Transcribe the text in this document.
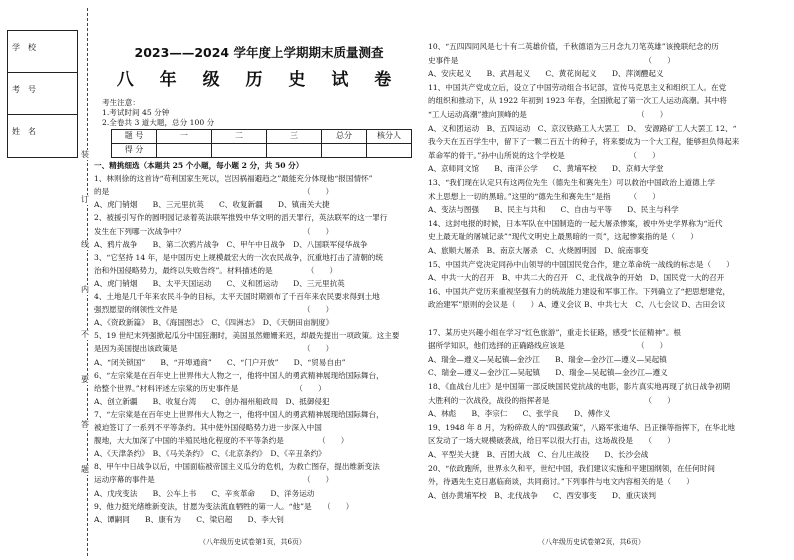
学　校
考　号
姓　名
装
订
线
内
不
要
答
题
2023——2024 学年度上学期期末质量测查
八 年 级 历 史 试 卷
考生注意：
1.考试时间 45 分钟
2.全卷共 3 道大题，总分 100 分
题 号	一	二	三	总分	核分人
得 分					
一、精挑细选（本题共 25 个小题，每小题 2 分，共 50 分）
1、林则徐的这首诗“苟利国家生死以，岂因祸福避趋之”最能充分体现他“报国情怀”
的是　　　　　　　　　　　　　　　　　　　　　　　　　　（　　）
A、虎门销烟　　B、三元里抗英　　C、收复新疆　　D、镇南关大捷
2、被援引写作的圆明园记录着英法联军推毁中华文明的滔天罪行，英法联军的这一罪行
发生在下列哪一次战争中？　　　　　　　　　　　　　　　　（　　）
A、鸦片战争　　B、第二次鸦片战争　C、甲午中日战争　D、八国联军侵华战争
3、“它坚持 14 年，是中国历史上规模最宏大的一次农民战争，沉重地打击了清朝的统
治和外国侵略势力，最终以失败告终”。材料描述的是　　　　　（　　）
A、虎门销烟　　B、太平天国运动　　C、义和团运动　　D、三元里抗英
4、土地是几千年来农民斗争的目标，太平天国时期颁布了千百年来农民要求得到土地
强烈愿望的纲领性文件是　　　　　　　　　　　　　　　　　（　　）
A、《资政新篇》　B、《海国图志》　C、《四洲志》　D、《天朝田亩制度》
5、19 世纪末列强掀起瓜分中国狂潮时，美国虽然姗姗来迟，却最先提出一项政策。这主要
是因为美国提出该政策是　　　　　　　　　　　　　　　　　（　　）
A、“闭关锁国”　　B、“开埠通商”　　C、“门户开放”　　D、“贸易自由”
6、“左宗棠是在百年史上世界伟大人物之一，他将中国人的勇武精神展现给国际舞台，
给整个世界。”材料评述左宗棠的历史事件是　　　　　　　　（　　）
A、创立新疆　　B、收复台湾　　C、创办福州船政局　D、抵御侵犯
7、“左宗棠是在百年史上世界伟大人物之一，他将中国人的勇武精神展现给国际舞台，
被迫签订了一系列不平等条约。其中使外国侵略势力进一步深入中国
腹地，大大加深了中国的半殖民地化程度的不平等条约是　　　　　（　　）
A、《天津条约》　B、《马关条约》　C、《北京条约》　D、《辛丑条约》
8、甲午中日战争以后，中国面临被帝国主义瓜分的危机，为救亡图存，提出维新变法
运动序幕的事件是　　　　　　　　　　　　　　　　　　　　（　　）
A、戊戌变法　　B、公车上书　　C、辛亥革命　　D、洋务运动
9、他力挺光绪维新变法，甘愿为变法流血牺牲的第一人。“他”是　　（　　）
A、谭嗣同　　B、康有为　　C、梁启超　　D、李大钊
（八年级历史试卷第1页，共6页）
10、“五四四同风是七十有二英雄价值，千秋德语为三月念九刀笔英雄”该挽联纪念的历
史事件是　　　　　　　　　　　　　　　　　　　　　　　　　（　　）
A、安庆起义　　B、武昌起义　　C、黄花岗起义　　D、萍浏醴起义
11、中国共产党成立后，设立了中国劳动组合书记部，宣传马克思主义和组织工人。在党
的组织和推动下，从 1922 年初到 1923 年春，全国掀起了第一次工人运动高潮。其中将
“工人运动高潮”推向顶峰的是　　　　　　　　　　　　　　　（　　）
A、义和团运动　B、五四运动　C、京汉铁路工人大罢工　D、　安源路矿工人大罢工 12、“
我今天在五百学生中，留下了一颗二百五十的种子，将来要成为一个大工程，能够担负得起来
革命军的骨干。”孙中山所说的这个学校是　　　　　　　　　（　　）
A、京师同文馆　　B、南洋公学　　C、黄埔军校　　D、京师大学堂
13、“我们现在认定只有这两位先生（德先生和赛先生）可以救治中国政治上道德上学
术上思想上一切的黑暗。”这里的“德先生和赛先生”是指　　　（　　）
A、变法与图强　　B、民主与共和　　C、自由与平等　　D、民主与科学
14、这封电报的时候，日本军队在中国制造的一起大屠杀惨案，被中外史学界称为“近代
史上最无耻的屠城记录”“现代文明史上最黑暗的一页”，这起惨案指的是（　　）
A、旅顺大屠杀　B、南京大屠杀　C、火烧圆明园　D、皖南事变
15、中国共产党决定同孙中山领导的中国国民党合作，建立革命统一战线的标志是（　　）
A、中共一大的召开　B、中共二大的召开　C、北伐战争的开始　D、国民党一大的召开
16、中国共产党历来重视坚强有力的统战能力建设和军事工作。下列确立了“把思想建党，
政治建军”原则的会议是（　　）A、遵义会议 B、中共七大　C、八七会议 D、古田会议
17、某历史兴趣小组在学习“红色旅游”，重走长征路，感受“长征精神”。根
据所学知识，他们选择的正确路线应该是　　　　　　　　　　（　　）
A、瑞金—遵义—吴起镇—金沙江　　B、瑞金—金沙江—遵义—吴起镇
C、瑞金—遵义—金沙江—吴起镇　　D、瑞金—吴起镇—金沙江—遵义
18、《血战台儿庄》是中国第一部反映国民党抗战的电影，影片真实地再现了抗日战争初期
大胜利的一次战役，战役的指挥者是　　　　　　　　　　　　　（　　）
A、林彪　　B、李宗仁　　C、张学良　　D、傅作义
19、1948 年 8 月，为粉碎敌人的“四强政策”，八路军张迪华、吕正操等指挥下，在华北地
区发动了一场大规模破袭战，给日军以很大打击，这场战役是　　（　　）
A、平型关大捷　B、百团大战　C、台儿庄战役　　D、长沙会战
20、“依政跑所，世界永久和平，世纪中国，我们建议实施和平建国纲领，在任何时间
外，待遇先生克日惠临商谈，共同商讨。”下列事件与电文内容相关的是（　　）
A、创办黄埔军校　B、北伐战争　　C、西安事变　　D、重庆谈判
（八年级历史试卷第2页，共6页）
